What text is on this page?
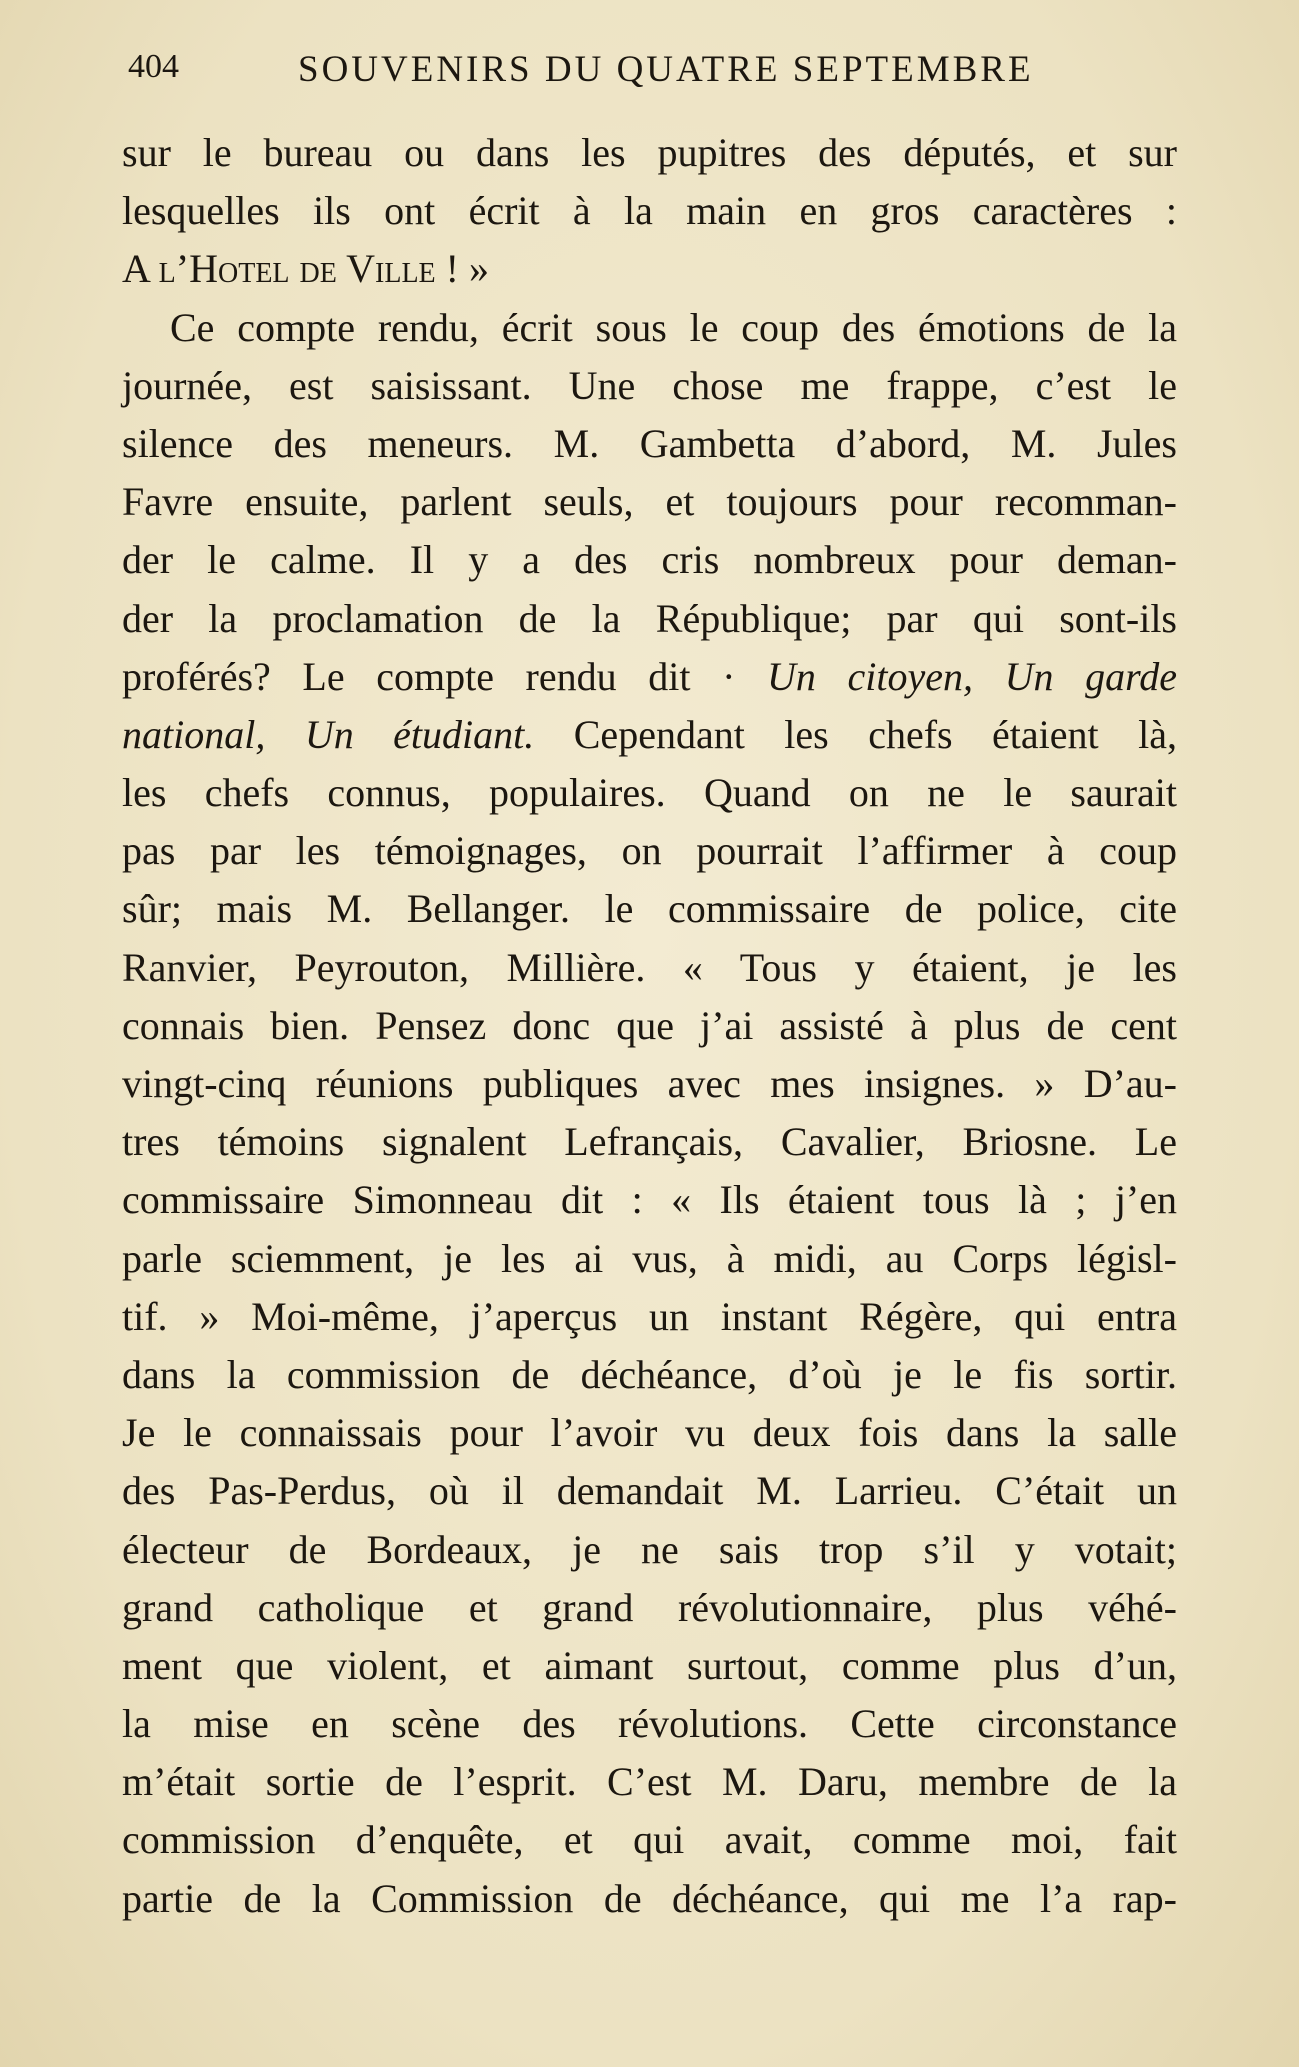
404	SOUVENIRS DU QUATRE SEPTEMBRE
sur le bureau ou dans les pupitres des députés, et sur
lesquelles ils ont écrit à la main en gros caractères :
A l’Hotel de Ville ! »
Ce compte rendu, écrit sous le coup des émotions de la
journée, est saisissant. Une chose me frappe, c’est le
silence des meneurs. M. Gambetta d’abord, M. Jules
Favre ensuite, parlent seuls, et toujours pour recomman-
der le calme. Il y a des cris nombreux pour deman-
der la proclamation de la République; par qui sont-ils
proférés? Le compte rendu dit · Un citoyen, Un garde
national, Un étudiant. Cependant les chefs étaient là,
les chefs connus, populaires. Quand on ne le saurait
pas par les témoignages, on pourrait l’affirmer à coup
sûr; mais M. Bellanger. le commissaire de police, cite
Ranvier, Peyrouton, Millière. « Tous y étaient, je les
connais bien. Pensez donc que j’ai assisté à plus de cent
vingt-cinq réunions publiques avec mes insignes. » D’au-
tres témoins signalent Lefrançais, Cavalier, Briosne. Le
commissaire Simonneau dit : « Ils étaient tous là ; j’en
parle sciemment, je les ai vus, à midi, au Corps législ-
tif. » Moi-même, j’aperçus un instant Régère, qui entra
dans la commission de déchéance, d’où je le fis sortir.
Je le connaissais pour l’avoir vu deux fois dans la salle
des Pas-Perdus, où il demandait M. Larrieu. C’était un
électeur de Bordeaux, je ne sais trop s’il y votait;
grand catholique et grand révolutionnaire, plus véhé-
ment que violent, et aimant surtout, comme plus d’un,
la mise en scène des révolutions. Cette circonstance
m’était sortie de l’esprit. C’est M. Daru, membre de la
commission d’enquête, et qui avait, comme moi, fait
partie de la Commission de déchéance, qui me l’a rap-
